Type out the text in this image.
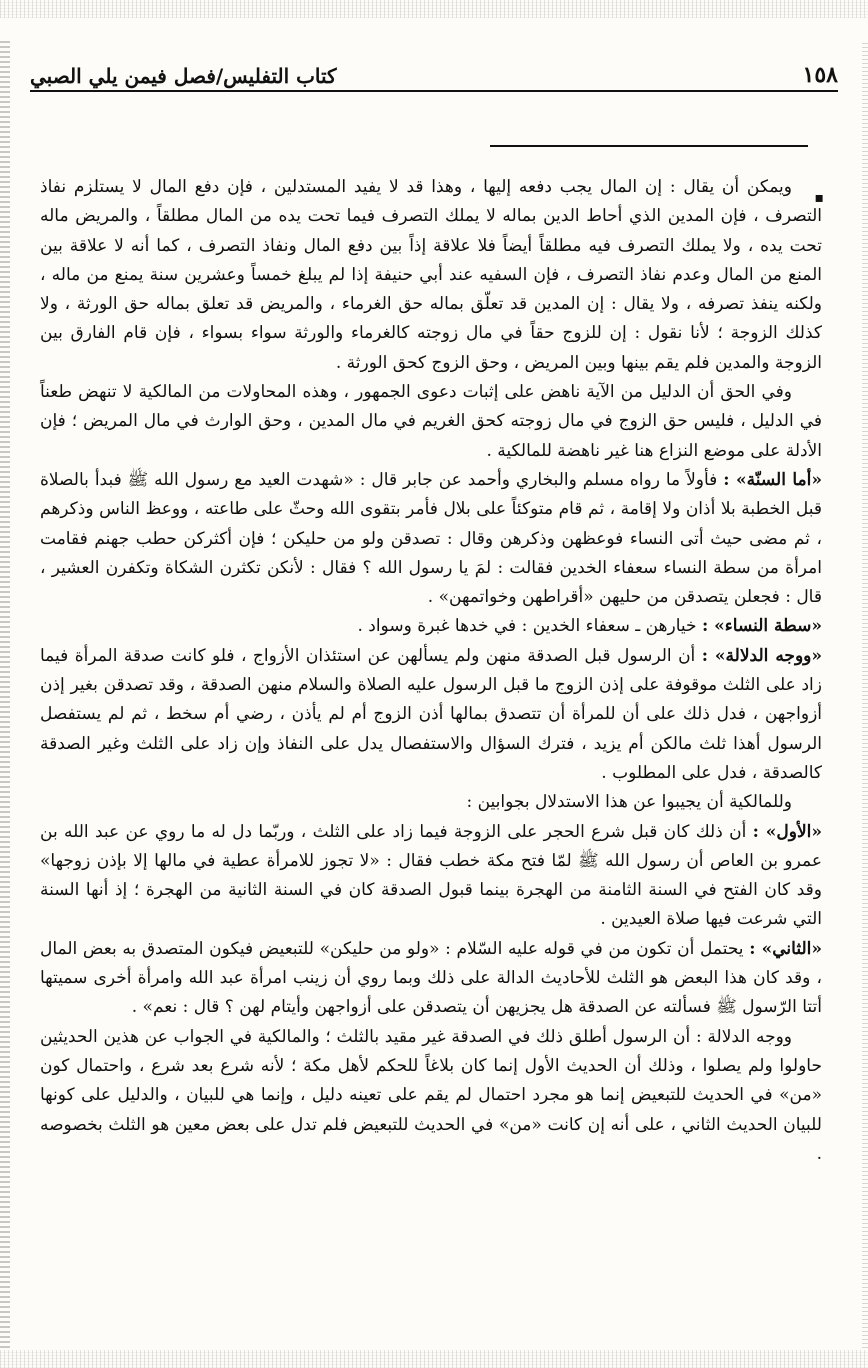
١٥٨
كتاب التفليس/فصل فيمن يلي الصبي
▪

ويمكن أن يقال : إن المال يجب دفعه إليها ، وهذا قد لا يفيد المستدلين ، فإن دفع المال لا يستلزم نفاذ التصرف ، فإن المدين الذي أحاط الدين بماله لا يملك التصرف فيما تحت يده من المال مطلقاً ، والمريض ماله تحت يده ، ولا يملك التصرف فيه مطلقاً أيضاً فلا علاقة إذاً بين دفع المال ونفاذ التصرف ، كما أنه لا علاقة بين المنع من المال وعدم نفاذ التصرف ، فإن السفيه عند أبي حنيفة إذا لم يبلغ خمساً وعشرين سنة يمنع من ماله ، ولكنه ينفذ تصرفه ، ولا يقال : إن المدين قد تعلّق بماله حق الغرماء ، والمريض قد تعلق بماله حق الورثة ، ولا كذلك الزوجة ؛ لأنا نقول : إن للزوج حقاً في مال زوجته كالغرماء والورثة سواء بسواء ، فإن قام الفارق بين الزوجة والمدين فلم يقم بينها وبين المريض ، وحق الزوج كحق الورثة .

وفي الحق أن الدليل من الآية ناهض على إثبات دعوى الجمهور ، وهذه المحاولات من المالكية لا تنهض طعناً في الدليل ، فليس حق الزوج في مال زوجته كحق الغريم في مال المدين ، وحق الوارث في مال المريض ؛ فإن الأدلة على موضع النزاع هنا غير ناهضة للمالكية .

«أما السنّة» : فأولاً ما رواه مسلم والبخاري وأحمد عن جابر قال : «شهدت العيد مع رسول الله ﷺ فبدأ بالصلاة قبل الخطبة بلا أذان ولا إقامة ، ثم قام متوكئاً على بلال فأمر بتقوى الله وحثّ على طاعته ، ووعظ الناس وذكرهم ، ثم مضى حيث أتى النساء فوعظهن وذكرهن وقال : تصدقن ولو من حليكن ؛ فإن أكثركن حطب جهنم فقامت امرأة من سطة النساء سعفاء الخدين فقالت : لمَ يا رسول الله ؟ فقال : لأنكن تكثرن الشكاة وتكفرن العشير ، قال : فجعلن يتصدقن من حليهن «أقراطهن وخواتمهن» .

«سطة النساء» : خيارهن ـ سعفاء الخدين : في خدها غبرة وسواد .

«ووجه الدلالة» : أن الرسول قبل الصدقة منهن ولم يسألهن عن استئذان الأزواج ، فلو كانت صدقة المرأة فيما زاد على الثلث موقوفة على إذن الزوج ما قبل الرسول عليه الصلاة والسلام منهن الصدقة ، وقد تصدقن بغير إذن أزواجهن ، فدل ذلك على أن للمرأة أن تتصدق بمالها أذن الزوج أم لم يأذن ، رضي أم سخط ، ثم لم يستفصل الرسول أهذا ثلث مالكن أم يزيد ، فترك السؤال والاستفصال يدل على النفاذ وإن زاد على الثلث وغير الصدقة كالصدقة ، فدل على المطلوب .

وللمالكية أن يجيبوا عن هذا الاستدلال بجوابين :

«الأول» : أن ذلك كان قبل شرع الحجر على الزوجة فيما زاد على الثلث ، وربّما دل له ما روي عن عبد الله بن عمرو بن العاص أن رسول الله ﷺ لمّا فتح مكة خطب فقال : «لا تجوز للامرأة عطية في مالها إلا بإذن زوجها» وقد كان الفتح في السنة الثامنة من الهجرة بينما قبول الصدقة كان في السنة الثانية من الهجرة ؛ إذ أنها السنة التي شرعت فيها صلاة العيدين .

«الثاني» : يحتمل أن تكون من في قوله عليه السّلام : «ولو من حليكن» للتبعيض فيكون المتصدق به بعض المال ، وقد كان هذا البعض هو الثلث للأحاديث الدالة على ذلك وبما روي أن زينب امرأة عبد الله وامرأة أخرى سميتها أتتا الرّسول ﷺ فسألته عن الصدقة هل يجزيهن أن يتصدقن على أزواجهن وأيتام لهن ؟ قال : نعم» .

ووجه الدلالة : أن الرسول أطلق ذلك في الصدقة غير مقيد بالثلث ؛ والمالكية في الجواب عن هذين الحديثين حاولوا ولم يصلوا ، وذلك أن الحديث الأول إنما كان بلاغاً للحكم لأهل مكة ؛ لأنه شرع بعد شرع ، واحتمال كون «من» في الحديث للتبعيض إنما هو مجرد احتمال لم يقم على تعينه دليل ، وإنما هي للبيان ، والدليل على كونها للبيان الحديث الثاني ، على أنه إن كانت «من» في الحديث للتبعيض فلم تدل على بعض معين هو الثلث بخصوصه .
